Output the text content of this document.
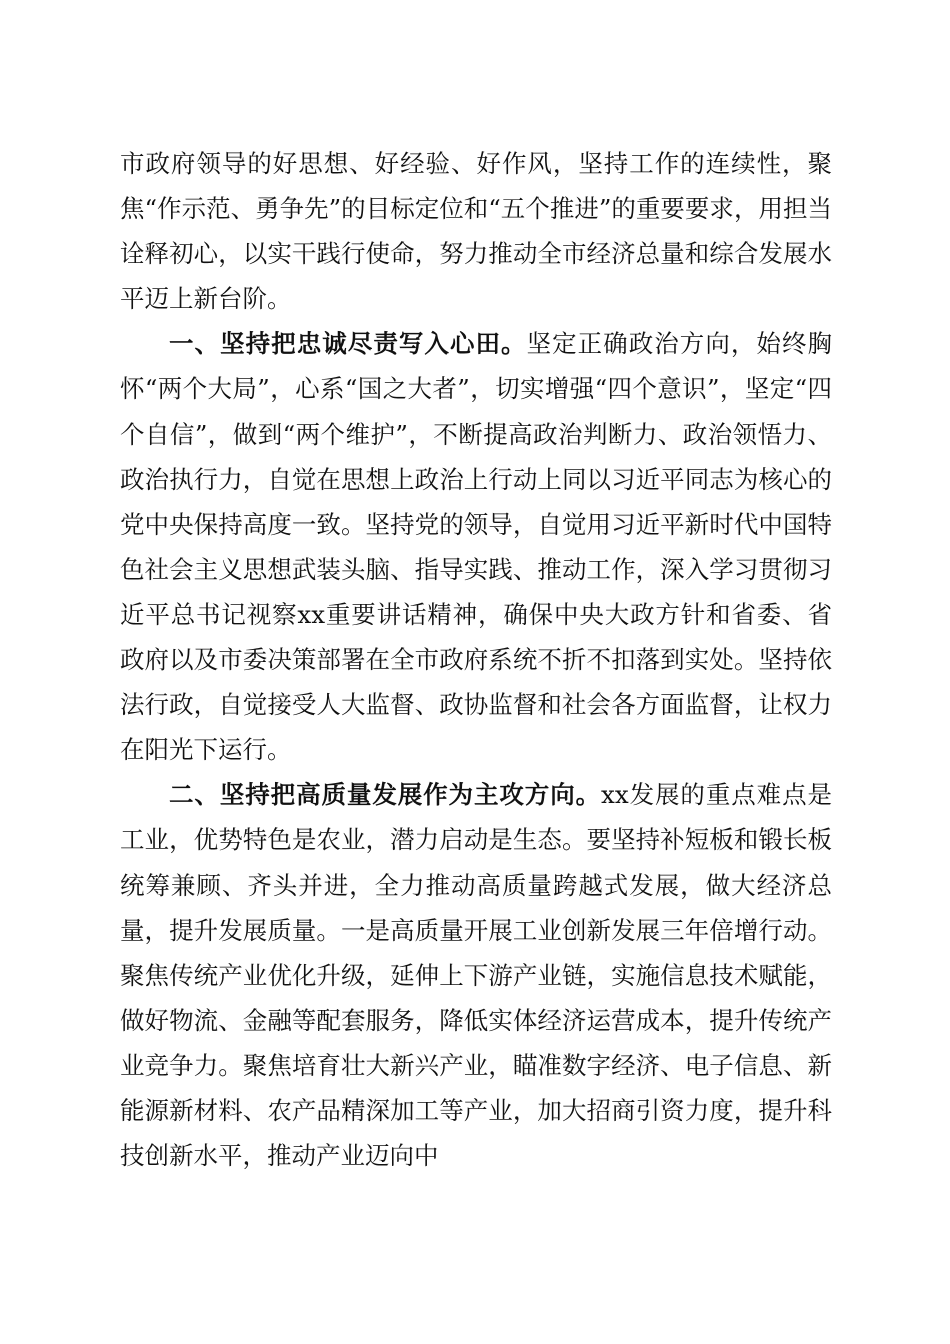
市政府领导的好思想、好经验、好作风，坚持工作的连续性，聚焦“作示范、勇争先”的目标定位和“五个推进”的重要要求，用担当诠释初心，以实干践行使命，努力推动全市经济总量和综合发展水平迈上新台阶。

一、坚持把忠诚尽责写入心田。坚定正确政治方向，始终胸怀“两个大局”，心系“国之大者”，切实增强“四个意识”，坚定“四个自信”，做到“两个维护”，不断提高政治判断力、政治领悟力、政治执行力，自觉在思想上政治上行动上同以习近平同志为核心的党中央保持高度一致。坚持党的领导，自觉用习近平新时代中国特色社会主义思想武装头脑、指导实践、推动工作，深入学习贯彻习近平总书记视察xx重要讲话精神，确保中央大政方针和省委、省政府以及市委决策部署在全市政府系统不折不扣落到实处。坚持依法行政，自觉接受人大监督、政协监督和社会各方面监督，让权力在阳光下运行。

二、坚持把高质量发展作为主攻方向。xx发展的重点难点是工业，优势特色是农业，潜力启动是生态。要坚持补短板和锻长板统筹兼顾、齐头并进，全力推动高质量跨越式发展，做大经济总量，提升发展质量。一是高质量开展工业创新发展三年倍增行动。聚焦传统产业优化升级，延伸上下游产业链，实施信息技术赋能，做好物流、金融等配套服务，降低实体经济运营成本，提升传统产业竞争力。聚焦培育壮大新兴产业，瞄准数字经济、电子信息、新能源新材料、农产品精深加工等产业，加大招商引资力度，提升科技创新水平，推动产业迈向中
